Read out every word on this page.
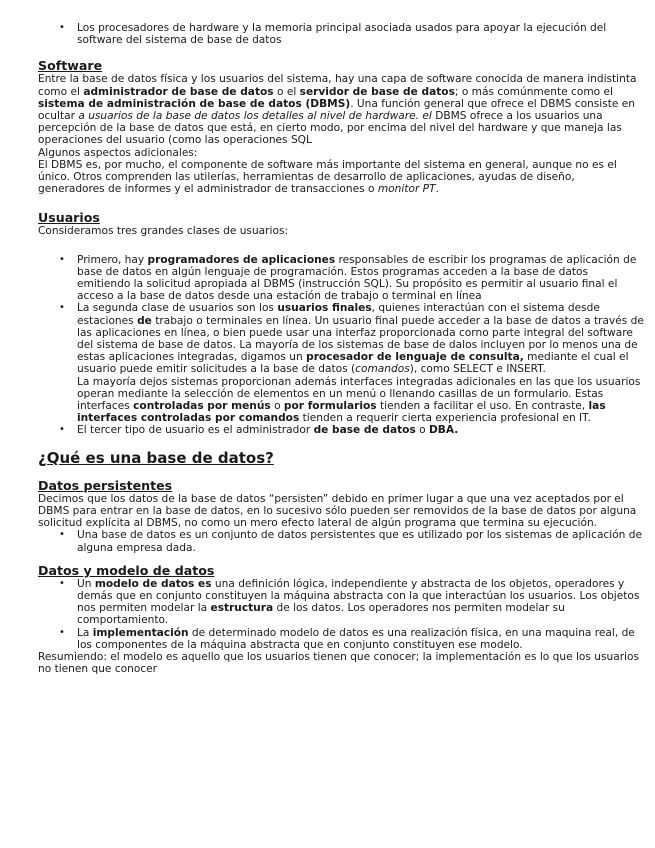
• Los procesadores de hardware y la memoria principal asociada usados para apoyar la ejecución del software del sistema de base de datos
Software

Entre la base de datos física y los usuarios del sistema, hay una capa de software conocida de manera indistinta como el administrador de base de datos o el servidor de base de datos; o más comúnmente como el sistema de administración de base de datos (DBMS). Una función general que ofrece el DBMS consiste en ocultar a usuarios de la base de datos los detalles al nivel de hardware. el DBMS ofrece a los usuarios una percepción de la base de datos que está, en cierto modo, por encima del nivel del hardware y que maneja las operaciones del usuario (como las operaciones SQL

Algunos aspectos adicionales:

El DBMS es, por mucho, el componente de software más importante del sistema en general, aunque no es el único. Otros comprenden las utilerías, herramientas de desarrollo de aplicaciones, ayudas de diseño, generadores de informes y el administrador de transacciones o monitor PT.

Usuarios

Consideramos tres grandes clases de usuarios:

• Primero, hay programadores de aplicaciones responsables de escribir los programas de aplicación de base de datos en algún lenguaje de programación. Estos programas acceden a la base de datos emitiendo la solicitud apropiada al DBMS (instrucción SQL). Su propósito es permitir al usuario final el acceso a la base de datos desde una estación de trabajo o terminal en línea

• La segunda clase de usuarios son los usuarios finales, quienes interactúan con el sistema desde estaciones de trabajo o terminales en línea. Un usuario final puede acceder a la base de datos a través de las aplicaciones en línea, o bien puede usar una interfaz proporcionada corno parte integral del software del sistema de base de datos. La mayoría de los sistemas de base de dalos incluyen por lo menos una de estas aplicaciones integradas, digamos un procesador de lenguaje de consulta, mediante el cual el usuario puede emitir solicitudes a la base de datos (comandos), como SELECT e INSERT.

La mayoría dejos sistemas proporcionan además interfaces integradas adicionales en las que los usuarios operan mediante la selección de elementos en un menú o llenando casillas de un formulario. Estas interfaces controladas por menús o por formularios tienden a facilitar el uso. En contraste, las interfaces controladas por comandos tienden a requerir cierta experiencia profesional en IT.

• El tercer tipo de usuario es el administrador de base de datos o DBA.
¿Qué es una base de datos?
Datos persistentes

Decimos que los datos de la base de datos “persisten” debido en primer lugar a que una vez aceptados por el DBMS para entrar en la base de datos, en lo sucesivo sólo pueden ser removidos de la base de datos por alguna solicitud explícita al DBMS, no como un mero efecto lateral de algún programa que termina su ejecución.

• Una base de datos es un conjunto de datos persistentes que es utilizado por los sistemas de aplicación de alguna empresa dada.
Datos y modelo de datos
• Un modelo de datos es una definición lógica, independiente y abstracta de los objetos, operadores y demás que en conjunto constituyen la máquina abstracta con la que interactúan los usuarios. Los objetos nos permiten modelar la estructura de los datos. Los operadores nos permiten modelar su comportamiento.
• La implementación de determinado modelo de datos es una realización física, en una maquina real, de los componentes de la máquina abstracta que en conjunto constituyen ese modelo.

Resumiendo: el modelo es aquello que los usuarios tienen que conocer; la implementación es lo que los usuarios no tienen que conocer
